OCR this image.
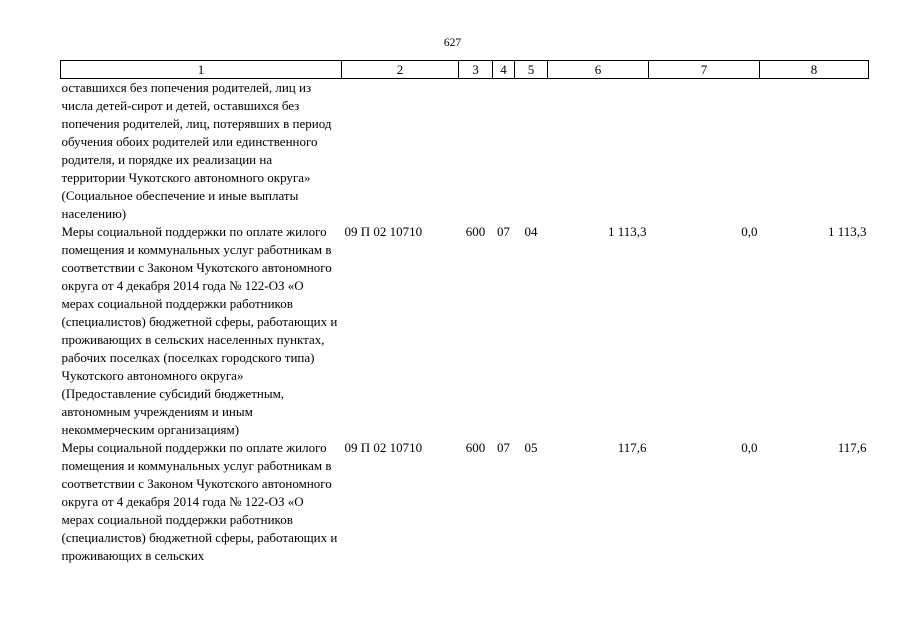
627
1	2	3	4	5	6	7	8
оставшихся без попечения родителей, лиц из числа детей-сирот и детей, оставшихся без попечения родителей, лиц, потерявших в период обучения обоих родителей или единственного родителя, и порядке их реализации на территории Чукотского автономного округа» (Социальное обеспечение и иные выплаты населению)							
Меры социальной поддержки по оплате жилого помещения и коммунальных услуг работникам в соответствии с Законом Чукотского автономного округа от 4 декабря 2014 года № 122-ОЗ «О мерах социальной поддержки работников (специалистов) бюджетной сферы, работающих и проживающих в сельских населенных пунктах, рабочих поселках (поселках городского типа) Чукотского автономного округа» (Предоставление субсидий бюджетным, автономным учреждениям и иным некоммерческим организациям)	09 П 02 10710	600	07	04	1 113,3	0,0	1 113,3
Меры социальной поддержки по оплате жилого помещения и коммунальных услуг работникам в соответствии с Законом Чукотского автономного округа от 4 декабря 2014 года № 122-ОЗ «О мерах социальной поддержки работников (специалистов) бюджетной сферы, работающих и проживающих в сельских	09 П 02 10710	600	07	05	117,6	0,0	117,6
